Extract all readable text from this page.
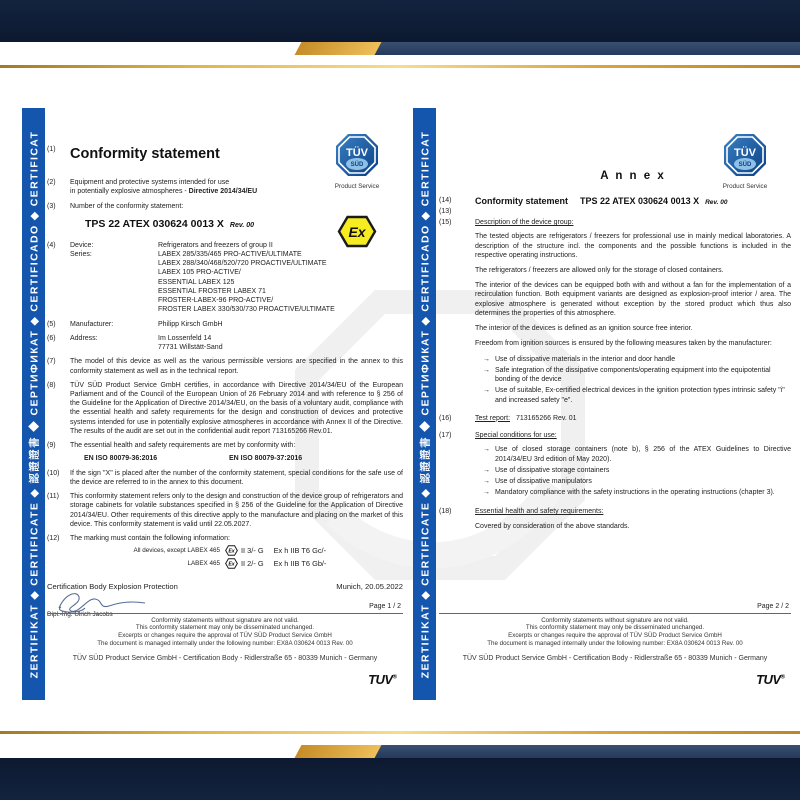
ZERTIFIKAT ◆ CERTIFICATE ◆ 認證證書 ◆ СЕРТИФИКАТ ◆ CERTIFICADO ◆ CERTIFICAT	ZERTIFIKAT ◆ CERTIFICATE ◆ 認證證書 ◆ СЕРТИФИКАТ ◆ CERTIFICADO ◆ CERTIFICAT
TÜV
SÜD
Product Service
Ex
(1) Conformity statement
(2) Equipment and protective systems intended for use
in potentially explosive atmospheres - Directive 2014/34/EU
(3) Number of the conformity statement:
TPS 22 ATEX 030624 0013 X Rev. 00
(4) Device:	Refrigerators and freezers of group II
Series:	LABEX 285/335/465 PRO-ACTIVE/ULTIMATE
LABEX 288/340/468/520/720 PROACTIVE/ULTIMATE
LABEX 105 PRO-ACTIVE/
ESSENTIAL LABEX 125
ESSENTIAL FROSTER LABEX 71
FROSTER-LABEX-96 PRO-ACTIVE/
FROSTER LABEX 330/530/730 PROACTIVE/ULTIMATE
(5) Manufacturer:	Philipp Kirsch GmbH
(6) Address:	Im Lossenfeld 14
77731 Willstätt-Sand
(7) The model of this device as well as the various permissible versions are specified in the annex to this conformity statement as well as in the technical report.
(8) TÜV SÜD Product Service GmbH certifies, in accordance with Directive 2014/34/EU of the European Parliament and of the Council of the European Union of 26 February 2014 and with reference to § 256 of the Guideline for the Application of Directive 2014/34/EU, on the basis of a voluntary audit, compliance with the essential health and safety requirements for the design and construction of devices and protective systems intended for use in potentially explosive atmospheres in accordance with Annex II of the Directive. The results of the audit are set out in the confidential audit report 713165266 Rev.01.
(9) The essential health and safety requirements are met by conformity with:
EN ISO 80079-36:2016	EN ISO 80079-37:2016
(10) If the sign "X" is placed after the number of the conformity statement, special conditions for the safe use of the device are referred to in the annex to this document.
(11) This conformity statement refers only to the design and construction of the device group of refrigerators and storage cabinets for volatile substances specified in § 256 of the Guideline for the Application of Directive 2014/34/EU. Other requirements of this directive apply to the manufacture and placing on the market of this device. This conformity statement is valid until 22.05.2027.
(12) The marking must contain the following information:
All devices, except LABEX 465 Ex II 3/- G Ex h IIB T6 Gc/-
LABEX 465 Ex II 2/- G Ex h IIB T6 Gb/-
Certification Body Explosion Protection	Munich, 20.05.2022
Dipl.-Ing. Ulrich Jacobs
Page 1 / 2
Conformity statements without signature are not valid.
This conformity statement may only be disseminated unchanged.
Excerpts or changes require the approval of TÜV SÜD Product Service GmbH
The document is managed internally under the following number: EX8A 030624 0013 Rev. 00
TÜV SÜD Product Service GmbH - Certification Body - Ridlerstraße 65 - 80339 Munich - Germany
TUV®
TÜV
SÜD
Product Service
(13)
A n n e x
(14)	Conformity statement TPS 22 ATEX 030624 0013 X Rev. 00
(15)	Description of the device group:
The tested objects are refrigerators / freezers for professional use in mainly medical laboratories. A description of the structure incl. the components and the possible functions is included in the respective operating instructions.
The refrigerators / freezers are allowed only for the storage of closed containers.
The interior of the devices can be equipped both with and without a fan for the implementation of a recirculation function. Both equipment variants are designed as explosion-proof interior / area. The explosive atmosphere is generated without exception by the stored product which thus also determines the properties of this atmosphere.
The interior of the devices is defined as an ignition source free interior.
Freedom from ignition sources is ensured by the following measures taken by the manufacturer:
→ Use of dissipative materials in the interior and door handle
→ Safe integration of the dissipative components/operating equipment into the equipotential bonding of the device
→ Use of suitable, Ex-certified electrical devices in the ignition protection types intrinsic safety "i" and increased safety "e".
(16)	Test report: 713165266 Rev. 01
(17)	Special conditions for use:
→ Use of closed storage containers (note b), § 256 of the ATEX Guidelines to Directive 2014/34/EU 3rd edition of May 2020).
→ Use of dissipative storage containers
→ Use of dissipative manipulators
→ Mandatory compliance with the safety instructions in the operating instructions (chapter 3).
(18)	Essential health and safety requirements:
Covered by consideration of the above standards.
Page 2 / 2
Conformity statements without signature are not valid.
This conformity statement may only be disseminated unchanged.
Excerpts or changes require the approval of TÜV SÜD Product Service GmbH
The document is managed internally under the following number: EX8A 030624 0013 Rev. 00
TÜV SÜD Product Service GmbH - Certification Body - Ridlerstraße 65 - 80339 Munich - Germany
TUV®
